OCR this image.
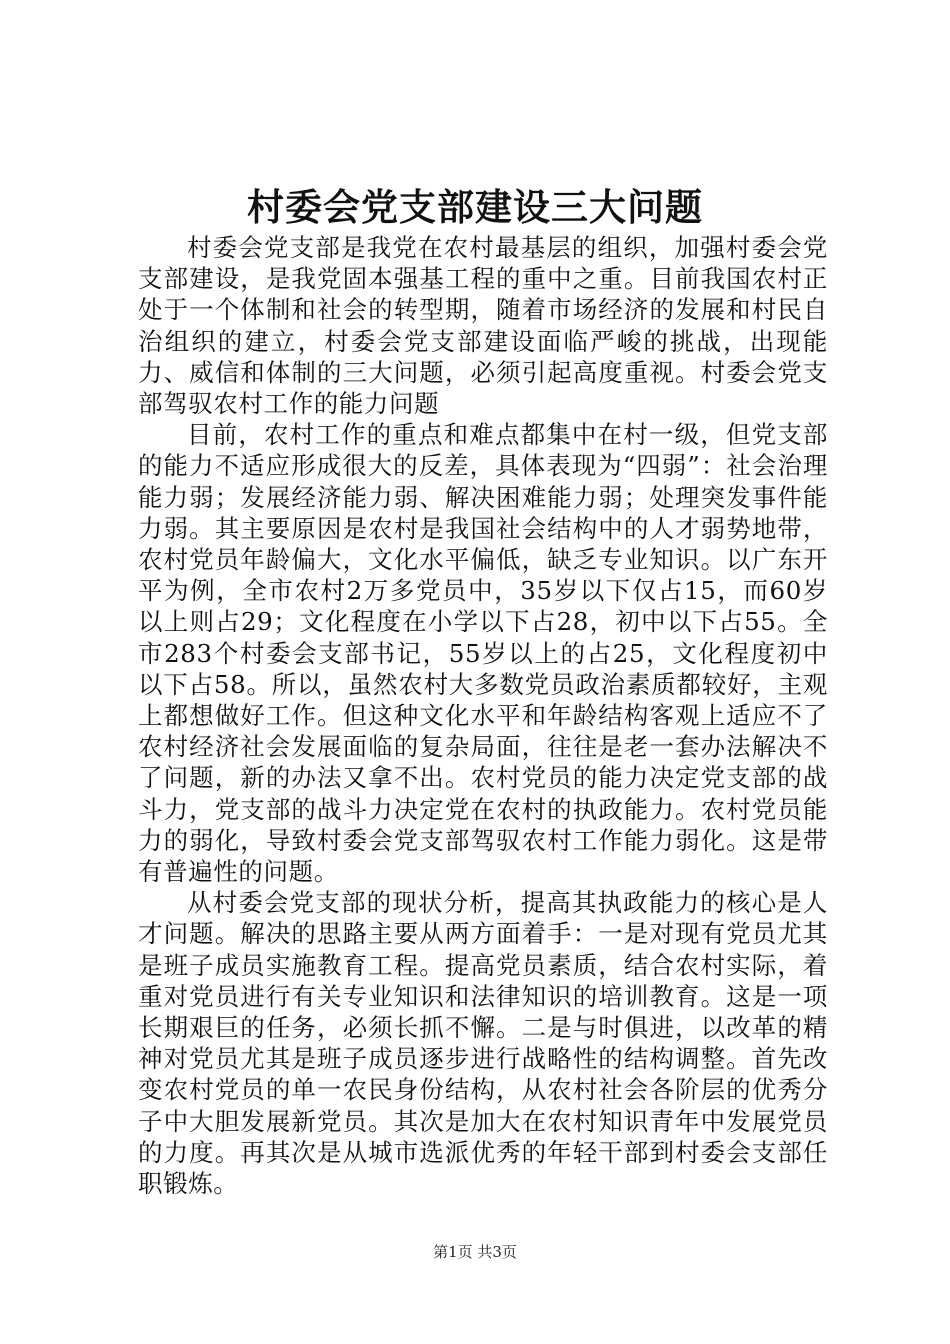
村委会党支部建设三大问题

村委会党支部是我党在农村最基层的组织，加强村委会党支部建设，是我党固本强基工程的重中之重。目前我国农村正处于一个体制和社会的转型期，随着市场经济的发展和村民自治组织的建立，村委会党支部建设面临严峻的挑战，出现能力、威信和体制的三大问题，必须引起高度重视。村委会党支部驾驭农村工作的能力问题

目前，农村工作的重点和难点都集中在村一级，但党支部的能力不适应形成很大的反差，具体表现为“四弱”：社会治理能力弱；发展经济能力弱、解决困难能力弱；处理突发事件能力弱。其主要原因是农村是我国社会结构中的人才弱势地带，农村党员年龄偏大，文化水平偏低，缺乏专业知识。以广东开平为例，全市农村2万多党员中，35岁以下仅占15，而60岁以上则占29；文化程度在小学以下占28，初中以下占55。全市283个村委会支部书记，55岁以上的占25，文化程度初中以下占58。所以，虽然农村大多数党员政治素质都较好，主观上都想做好工作。但这种文化水平和年龄结构客观上适应不了农村经济社会发展面临的复杂局面，往往是老一套办法解决不了问题，新的办法又拿不出。农村党员的能力决定党支部的战斗力，党支部的战斗力决定党在农村的执政能力。农村党员能力的弱化，导致村委会党支部驾驭农村工作能力弱化。这是带有普遍性的问题。

从村委会党支部的现状分析，提高其执政能力的核心是人才问题。解决的思路主要从两方面着手：一是对现有党员尤其是班子成员实施教育工程。提高党员素质，结合农村实际，着重对党员进行有关专业知识和法律知识的培训教育。这是一项长期艰巨的任务，必须长抓不懈。二是与时俱进，以改革的精神对党员尤其是班子成员逐步进行战略性的结构调整。首先改变农村党员的单一农民身份结构，从农村社会各阶层的优秀分子中大胆发展新党员。其次是加大在农村知识青年中发展党员的力度。再其次是从城市选派优秀的年轻干部到村委会支部任职锻炼。

第1页 共3页
